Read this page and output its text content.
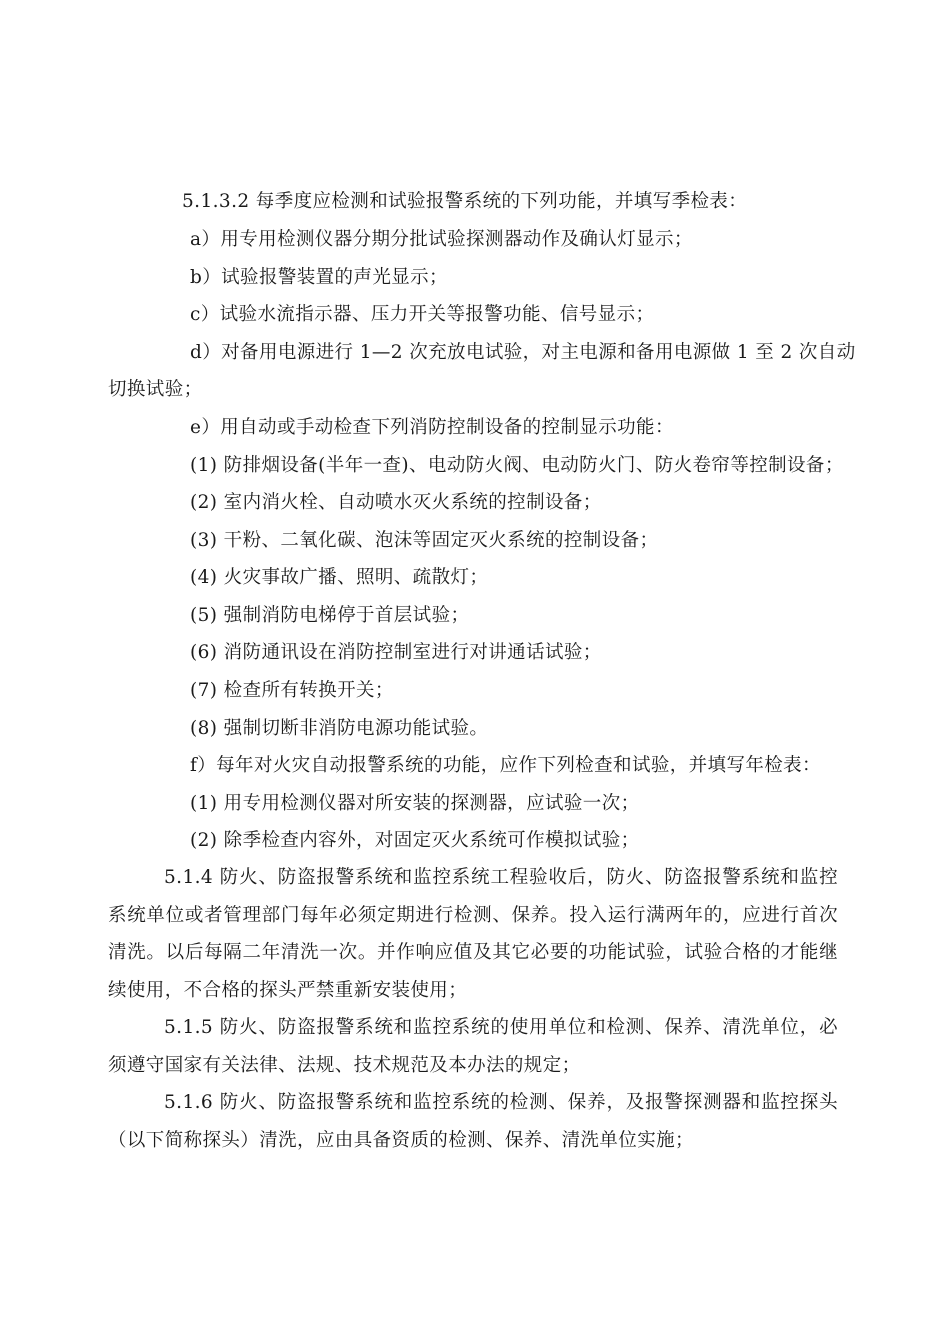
5.1.3.2 每季度应检测和试验报警系统的下列功能，并填写季检表：
a）用专用检测仪器分期分批试验探测器动作及确认灯显示；
b）试验报警装置的声光显示；
c）试验水流指示器、压力开关等报警功能、信号显示；
d）对备用电源进行 1—2 次充放电试验，对主电源和备用电源做 1 至 2 次自动
切换试验；
e）用自动或手动检查下列消防控制设备的控制显示功能：
(1) 防排烟设备(半年一查)、电动防火阀、电动防火门、防火卷帘等控制设备；
(2) 室内消火栓、自动喷水灭火系统的控制设备；
(3) 干粉、二氧化碳、泡沫等固定灭火系统的控制设备；
(4) 火灾事故广播、照明、疏散灯；
(5) 强制消防电梯停于首层试验；
(6) 消防通讯设在消防控制室进行对讲通话试验；
(7) 检查所有转换开关；
(8) 强制切断非消防电源功能试验。
f）每年对火灾自动报警系统的功能，应作下列检查和试验，并填写年检表：
(1) 用专用检测仪器对所安装的探测器，应试验一次；
(2) 除季检查内容外，对固定灭火系统可作模拟试验；
5.1.4 防火、防盗报警系统和监控系统工程验收后，防火、防盗报警系统和监控系统单位或者管理部门每年必须定期进行检测、保养。投入运行满两年的，应进行首次清洗。以后每隔二年清洗一次。并作响应值及其它必要的功能试验，试验合格的才能继续使用，不合格的探头严禁重新安装使用；
5.1.5 防火、防盗报警系统和监控系统的使用单位和检测、保养、清洗单位，必须遵守国家有关法律、法规、技术规范及本办法的规定；
5.1.6 防火、防盗报警系统和监控系统的检测、保养，及报警探测器和监控探头（以下简称探头）清洗，应由具备资质的检测、保养、清洗单位实施；
